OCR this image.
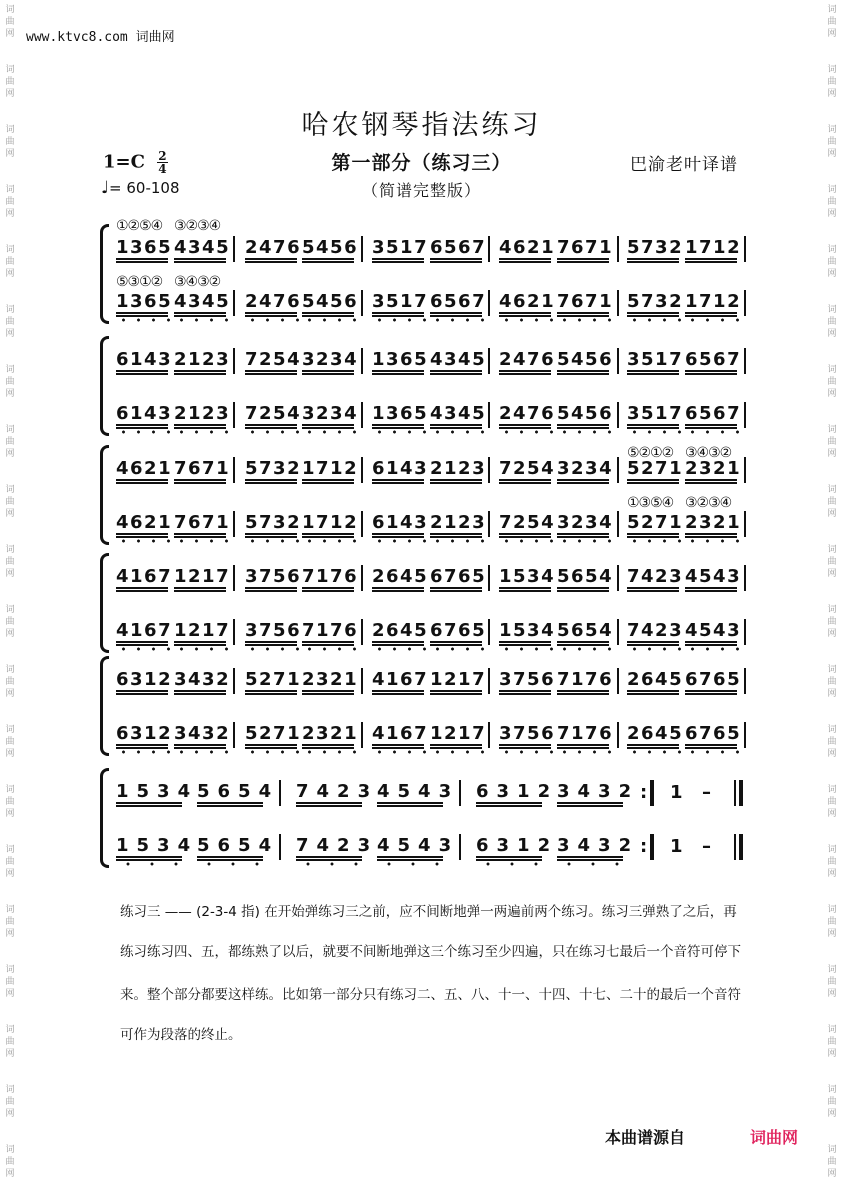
词
曲
网
词
曲
网
词
曲
网
词
曲
网
词
曲
网
词
曲
网
词
曲
网
词
曲
网
词
曲
网
词
曲
网
词
曲
网
词
曲
网
词
曲
网
词
曲
网
词
曲
网
词
曲
网
词
曲
网
词
曲
网
词
曲
网
词
曲
网
词
曲
网
词
曲
网
词
曲
网
词
曲
网
词
曲
网
词
曲
网
词
曲
网
词
曲
网
词
曲
网
词
曲
网
词
曲
网
词
曲
网
词
曲
网
词
曲
网
词
曲
网
词
曲
网
词
曲
网
词
曲
网
词
曲
网
词
曲
网
www.ktvc8.com 词曲网
哈农钢琴指法练习
$1=C \frac{2}{4}$	第一部分（练习三）	巴渝老叶译谱
♩= 60-108	（简谱完整版）
1365 4345 2476 5456 3517 6567 4621 7671 5732 1712
1365 4345 2476 5456 3517 6567 4621 7671 5732 1712
6143 2123 7254 3234 1365 4345 2476 5456 3517 6567
6143 2123 7254 3234 1365 4345 2476 5456 3517 6567
4621 7671 5732 1712 6143 2123 7254 3234 5271 2321
4621 7671 5732 1712 6143 2123 7254 3234 5271 2321
4167 1217 3756 7176 2645 6765 1534 5654 7423 4543
4167 1217 3756 7176 2645 6765 1534 5654 7423 4543
6312 3432 5271 2321 4167 1217 3756 7176 2645 6765
6312 3432 5271 2321 4167 1217 3756 7176 2645 6765
①②⑤④ ③②③④
⑤③①② ③④③②
⑤②①② ③④③②
①③⑤④ ③②③④
1534
5654 7423
4543 6312
3432 : 1 –
1534
5654 7423
4543 6312
3432 : 1 –
练习三 —— (2-3-4 指) 在开始弹练习三之前，应不间断地弹一两遍前两个练习。练习三弹熟了之后，再
练习练习四、五，都练熟了以后，就要不间断地弹这三个练习至少四遍，只在练习七最后一个音符可停下
来。整个部分都要这样练。比如第一部分只有练习二、五、八、十一、十四、十七、二十的最后一个音符
可作为段落的终止。
本曲谱源自	词曲网
